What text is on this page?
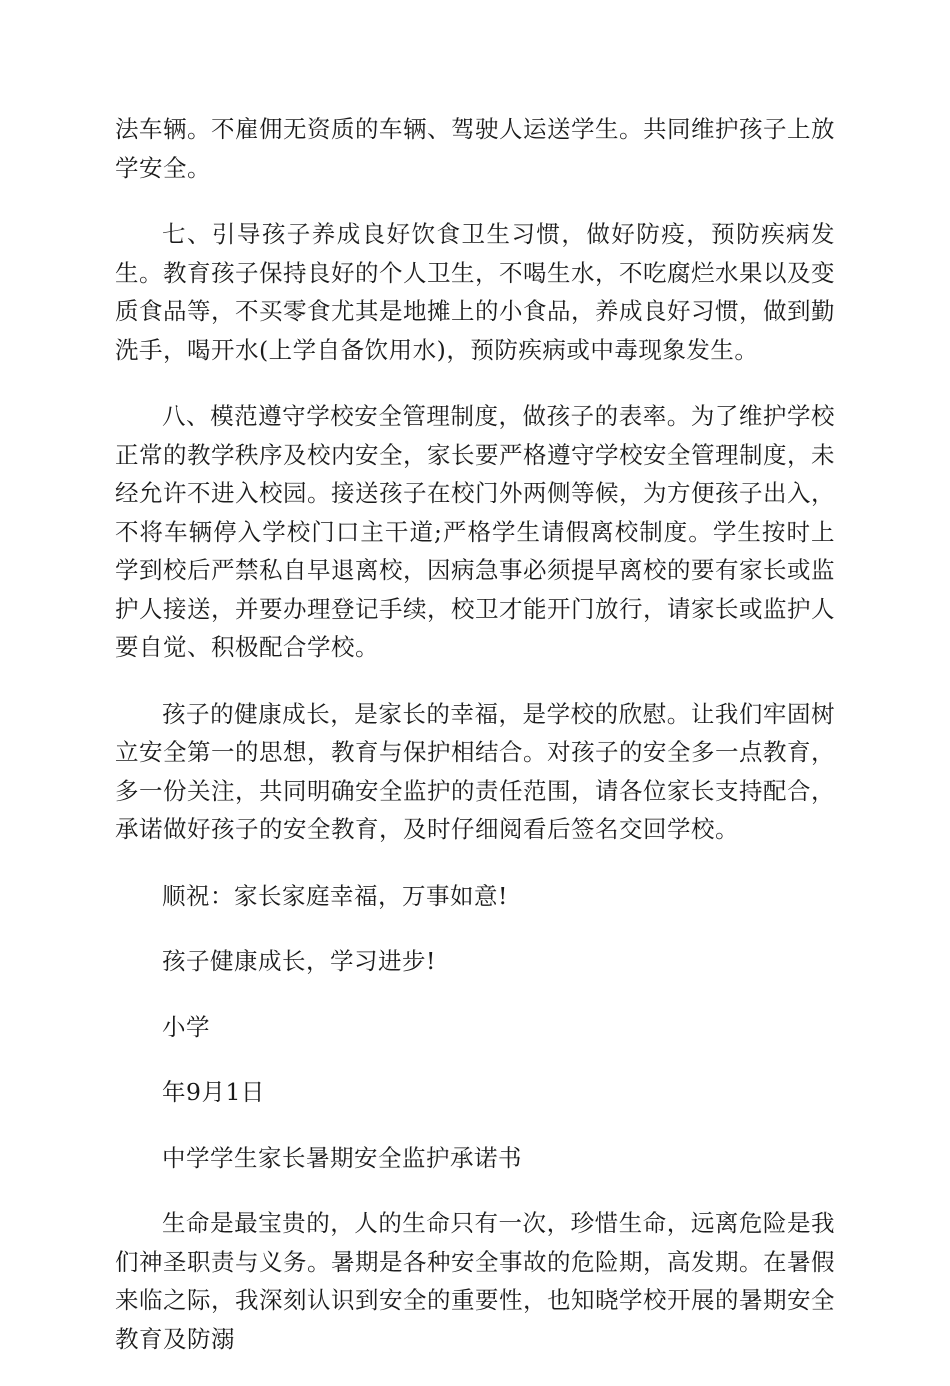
法车辆。不雇佣无资质的车辆、驾驶人运送学生。共同维护孩子上放学安全。

七、引导孩子养成良好饮食卫生习惯，做好防疫，预防疾病发生。教育孩子保持良好的个人卫生，不喝生水，不吃腐烂水果以及变质食品等，不买零食尤其是地摊上的小食品，养成良好习惯，做到勤洗手，喝开水(上学自备饮用水)，预防疾病或中毒现象发生。

八、模范遵守学校安全管理制度，做孩子的表率。为了维护学校正常的教学秩序及校内安全，家长要严格遵守学校安全管理制度，未经允许不进入校园。接送孩子在校门外两侧等候，为方便孩子出入，不将车辆停入学校门口主干道;严格学生请假离校制度。学生按时上学到校后严禁私自早退离校，因病急事必须提早离校的要有家长或监护人接送，并要办理登记手续，校卫才能开门放行，请家长或监护人要自觉、积极配合学校。

孩子的健康成长，是家长的幸福，是学校的欣慰。让我们牢固树立安全第一的思想，教育与保护相结合。对孩子的安全多一点教育，多一份关注，共同明确安全监护的责任范围，请各位家长支持配合，承诺做好孩子的安全教育，及时仔细阅看后签名交回学校。

顺祝：家长家庭幸福，万事如意!

孩子健康成长，学习进步!

小学

年9月1日

中学学生家长暑期安全监护承诺书

生命是最宝贵的，人的生命只有一次，珍惜生命，远离危险是我们神圣职责与义务。暑期是各种安全事故的危险期，高发期。在暑假来临之际，我深刻认识到安全的重要性，也知晓学校开展的暑期安全教育及防溺
